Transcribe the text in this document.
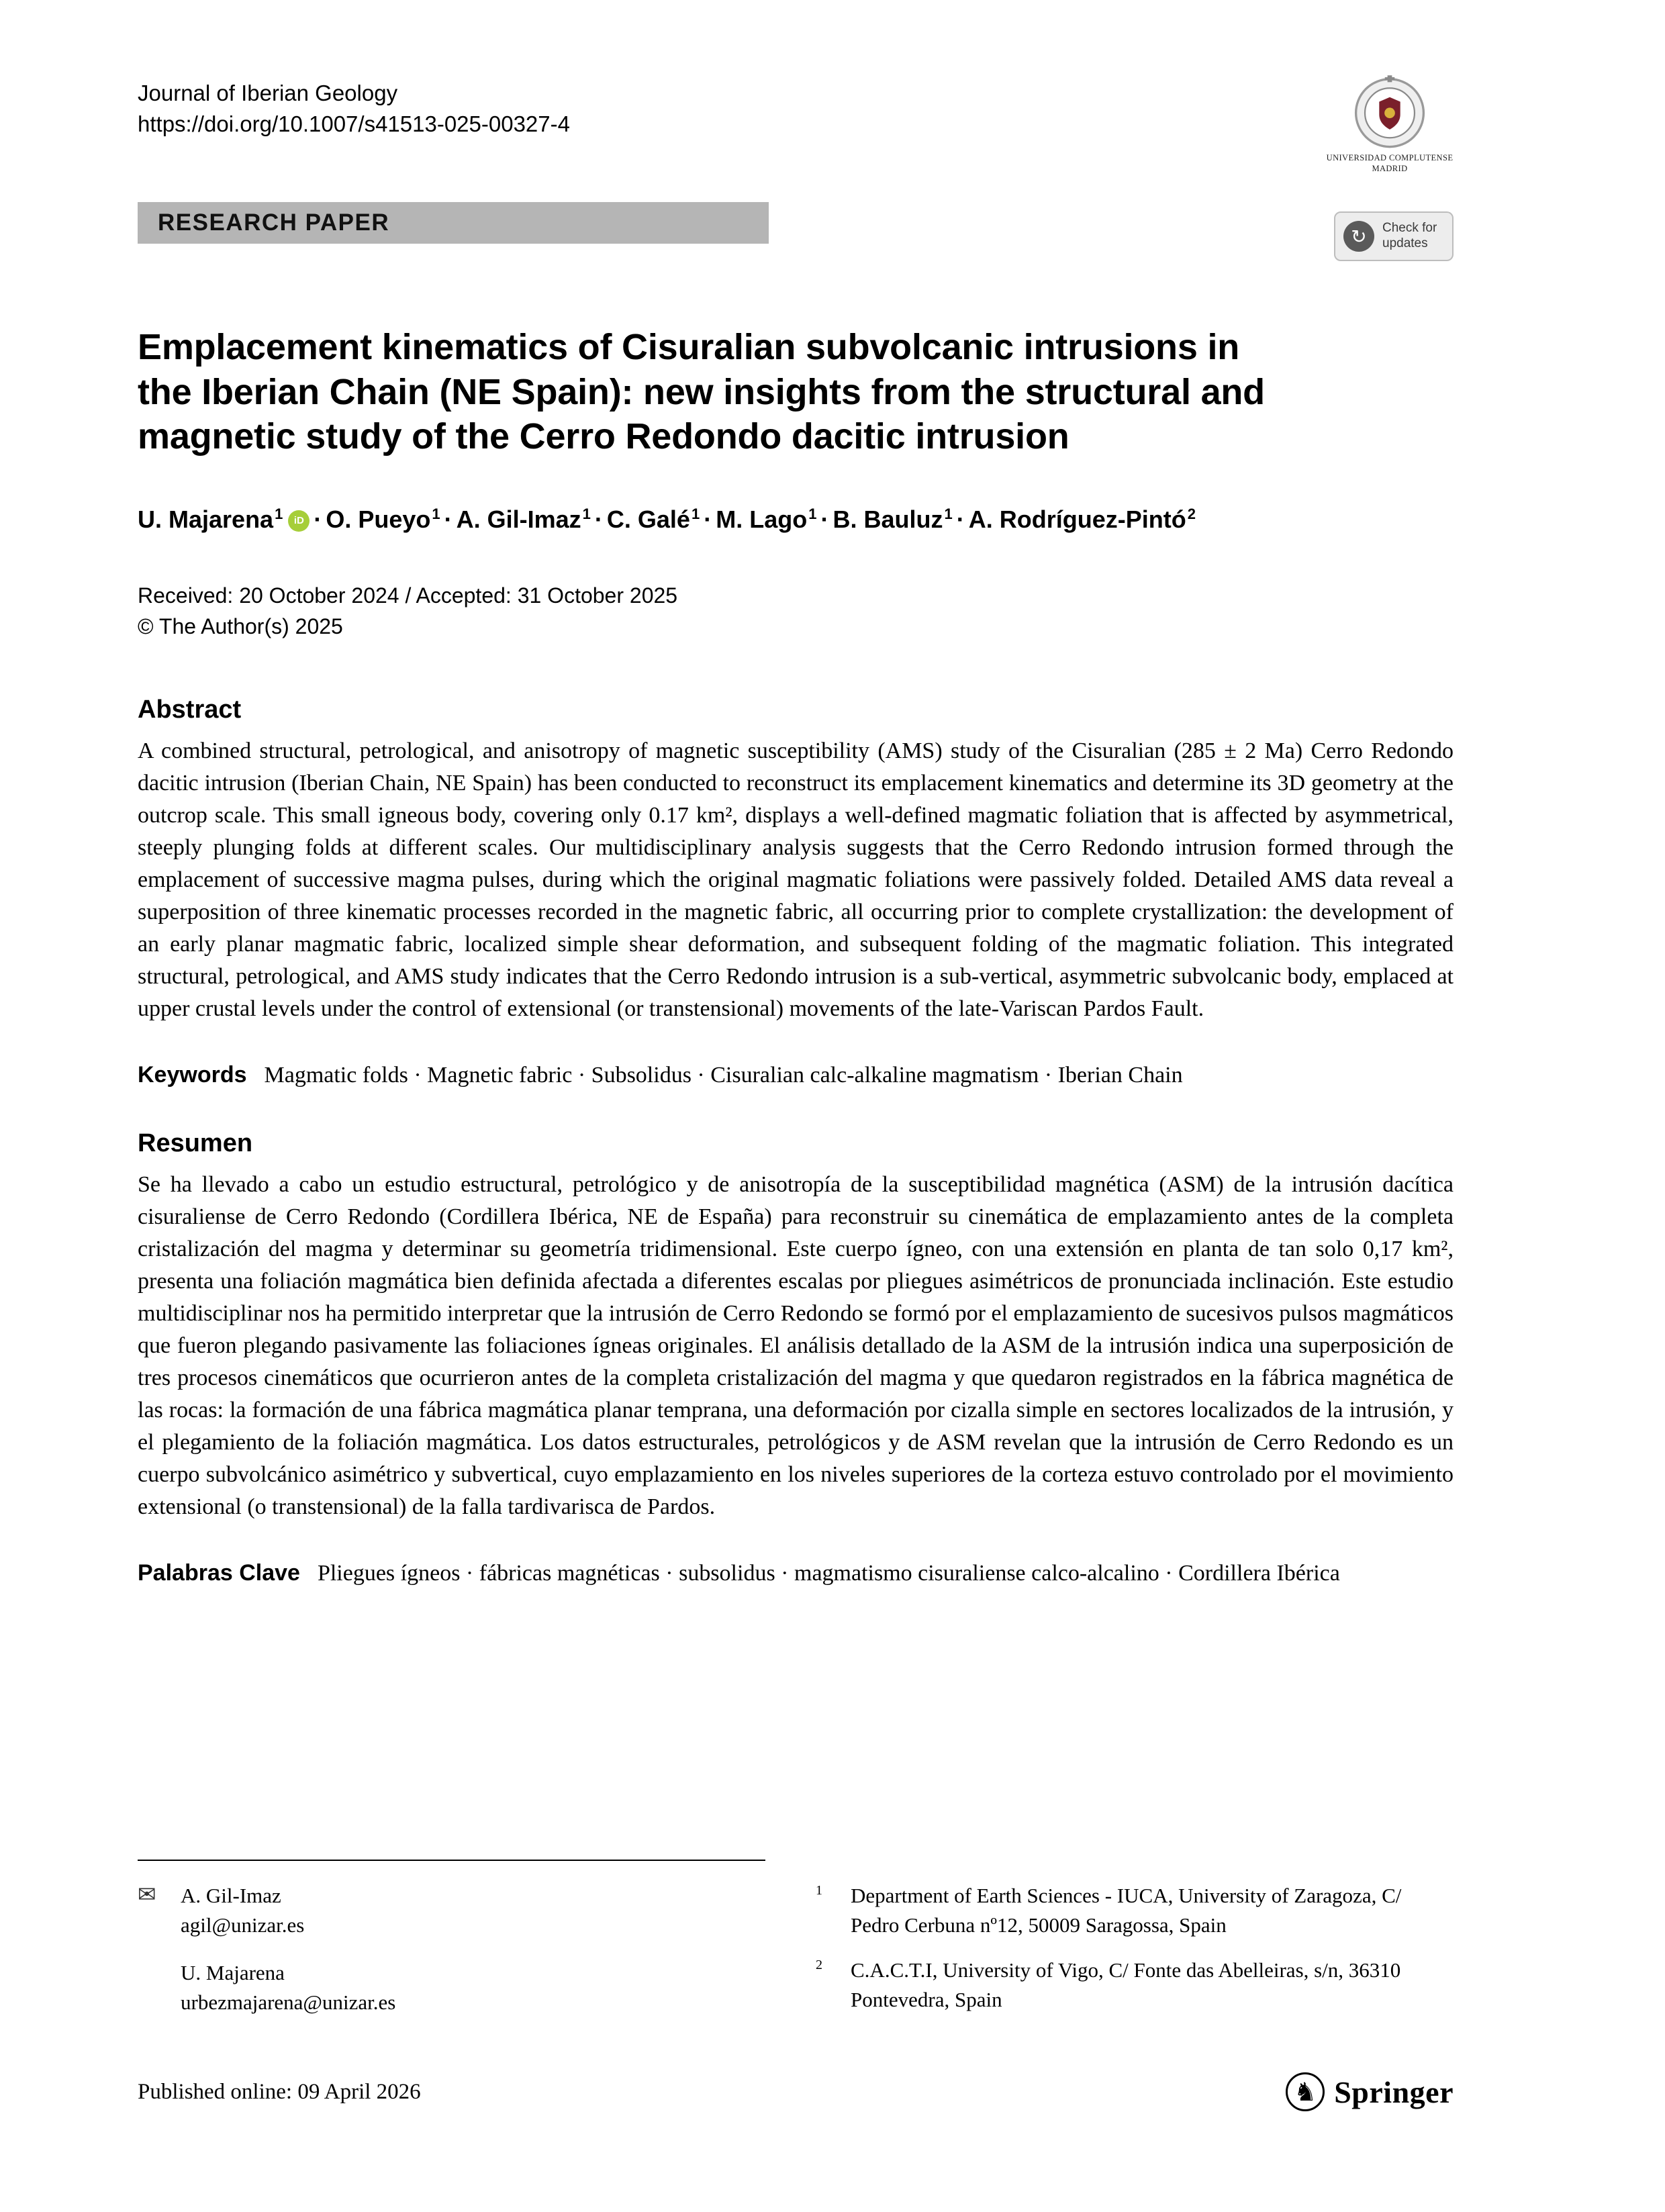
Journal of Iberian Geology
https://doi.org/10.1007/s41513-025-00327-4
UNIVERSIDAD COMPLUTENSE
MADRID
RESEARCH PAPER
↻	Check for updates
Emplacement kinematics of Cisuralian subvolcanic intrusions in
the Iberian Chain (NE Spain): new insights from the structural and
magnetic study of the Cerro Redondo dacitic intrusion

U. Majarena$^1$ iD · O. Pueyo$^1$ · A. Gil-Imaz$^1$ · C. Galé$^1$ · M. Lago$^1$ · B. Bauluz$^1$ · A. Rodríguez-Pintó$^2$

Received: 20 October 2024 / Accepted: 31 October 2025
© The Author(s) 2025
Abstract

A combined structural, petrological, and anisotropy of magnetic susceptibility (AMS) study of the Cisuralian (285 ± 2 Ma) Cerro Redondo dacitic intrusion (Iberian Chain, NE Spain) has been conducted to reconstruct its emplacement kinematics and determine its 3D geometry at the outcrop scale. This small igneous body, covering only 0.17 km², displays a well-defined magmatic foliation that is affected by asymmetrical, steeply plunging folds at different scales. Our multidisciplinary analysis suggests that the Cerro Redondo intrusion formed through the emplacement of successive magma pulses, during which the original magmatic foliations were passively folded. Detailed AMS data reveal a superposition of three kinematic processes recorded in the magnetic fabric, all occurring prior to complete crystallization: the development of an early planar magmatic fabric, localized simple shear deformation, and subsequent folding of the magmatic foliation. This integrated structural, petrological, and AMS study indicates that the Cerro Redondo intrusion is a sub-vertical, asymmetric subvolcanic body, emplaced at upper crustal levels under the control of extensional (or transtensional) movements of the late-Variscan Pardos Fault.

Keywords Magmatic folds · Magnetic fabric · Subsolidus · Cisuralian calc-alkaline magmatism · Iberian Chain

Resumen

Se ha llevado a cabo un estudio estructural, petrológico y de anisotropía de la susceptibilidad magnética (ASM) de la intrusión dacítica cisuraliense de Cerro Redondo (Cordillera Ibérica, NE de España) para reconstruir su cinemática de emplazamiento antes de la completa cristalización del magma y determinar su geometría tridimensional. Este cuerpo ígneo, con una extensión en planta de tan solo 0,17 km², presenta una foliación magmática bien definida afectada a diferentes escalas por pliegues asimétricos de pronunciada inclinación. Este estudio multidisciplinar nos ha permitido interpretar que la intrusión de Cerro Redondo se formó por el emplazamiento de sucesivos pulsos magmáticos que fueron plegando pasivamente las foliaciones ígneas originales. El análisis detallado de la ASM de la intrusión indica una superposición de tres procesos cinemáticos que ocurrieron antes de la completa cristalización del magma y que quedaron registrados en la fábrica magnética de las rocas: la formación de una fábrica magmática planar temprana, una deformación por cizalla simple en sectores localizados de la intrusión, y el plegamiento de la foliación magmática. Los datos estructurales, petrológicos y de ASM revelan que la intrusión de Cerro Redondo es un cuerpo subvolcánico asimétrico y subvertical, cuyo emplazamiento en los niveles superiores de la corteza estuvo controlado por el movimiento extensional (o transtensional) de la falla tardivarisca de Pardos.

Palabras Clave Pliegues ígneos · fábricas magnéticas · subsolidus · magmatismo cisuraliense calco-alcalino · Cordillera Ibérica

✉	A. Gil-Imaz
agil@unizar.es
U. Majarena
urbezmajarena@unizar.es
1	Department of Earth Sciences - IUCA, University of Zaragoza, C/ Pedro Cerbuna nº12, 50009 Saragossa, Spain
2	C.A.C.T.I, University of Vigo, C/ Fonte das Abelleiras, s/n, 36310 Pontevedra, Spain
Published online: 09 April 2026	♞ Springer
